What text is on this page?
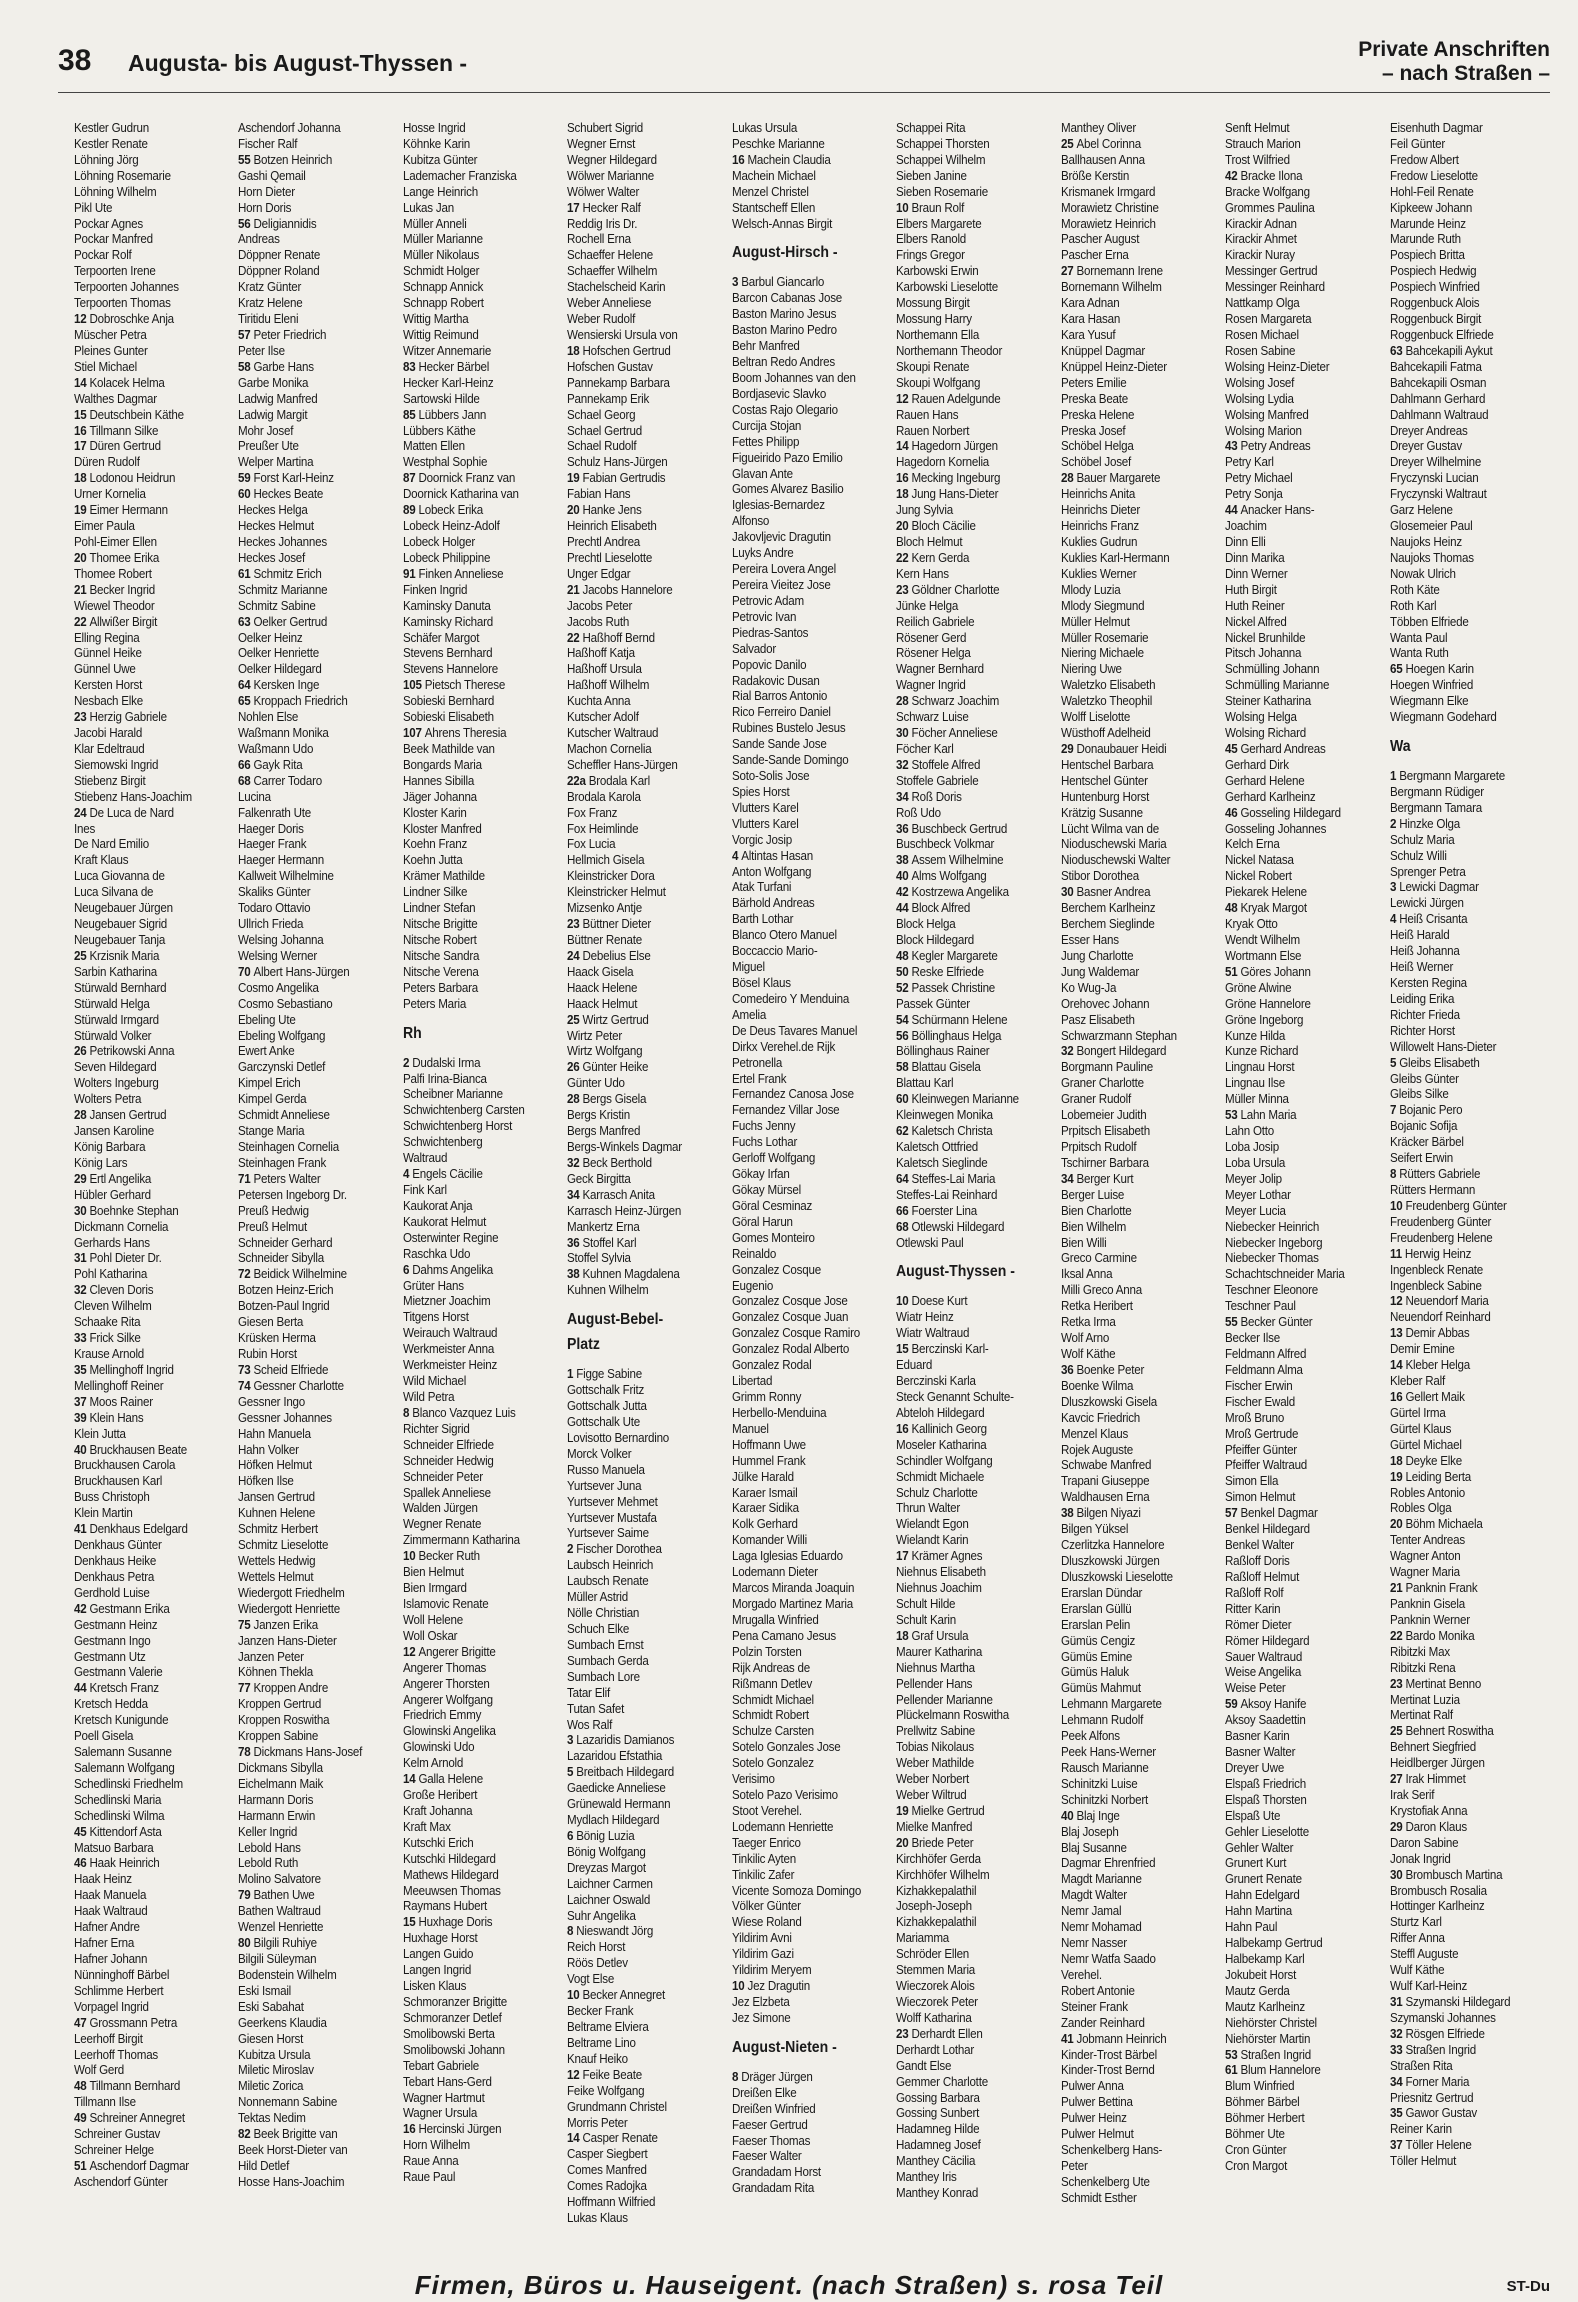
38 Augusta- bis August-Thyssen -
Private Anschriften
– nach Straßen –
Kestler Gudrun
Kestler Renate
Löhning Jörg
Löhning Rosemarie
Löhning Wilhelm
Pikl Ute
Pockar Agnes
Pockar Manfred
Pockar Rolf
Terpoorten Irene
Terpoorten Johannes
Terpoorten Thomas
12 Dobroschke Anja
Müscher Petra
Pleines Gunter
Stiel Michael
14 Kolacek Helma
Walthes Dagmar
15 Deutschbein Käthe
16 Tillmann Silke
17 Düren Gertrud
Düren Rudolf
18 Lodonou Heidrun
Urner Kornelia
19 Eimer Hermann
Eimer Paula
Pohl-Eimer Ellen
20 Thomee Erika
Thomee Robert
21 Becker Ingrid
Wiewel Theodor
22 Allwißer Birgit
Elling Regina
Günnel Heike
Günnel Uwe
Kersten Horst
Nesbach Elke
23 Herzig Gabriele
Jacobi Harald
Klar Edeltraud
Siemowski Ingrid
Stiebenz Birgit
Stiebenz Hans-Joachim
24 De Luca de Nard
Ines
De Nard Emilio
Kraft Klaus
Luca Giovanna de
Luca Silvana de
Neugebauer Jürgen
Neugebauer Sigrid
Neugebauer Tanja
25 Krzisnik Maria
Sarbin Katharina
Stürwald Bernhard
Stürwald Helga
Stürwald Irmgard
Stürwald Volker
26 Petrikowski Anna
Seven Hildegard
Wolters Ingeburg
Wolters Petra
28 Jansen Gertrud
Jansen Karoline
König Barbara
König Lars
29 Ertl Angelika
Hübler Gerhard
30 Boehnke Stephan
Dickmann Cornelia
Gerhards Hans
31 Pohl Dieter Dr.
Pohl Katharina
32 Cleven Doris
Cleven Wilhelm
Schaake Rita
33 Frick Silke
Krause Arnold
35 Mellinghoff Ingrid
Mellinghoff Reiner
37 Moos Rainer
39 Klein Hans
Klein Jutta
40 Bruckhausen Beate
Bruckhausen Carola
Bruckhausen Karl
Buss Christoph
Klein Martin
41 Denkhaus Edelgard
Denkhaus Günter
Denkhaus Heike
Denkhaus Petra
Gerdhold Luise
42 Gestmann Erika
Gestmann Heinz
Gestmann Ingo
Gestmann Utz
Gestmann Valerie
44 Kretsch Franz
Kretsch Hedda
Kretsch Kunigunde
Poell Gisela
Salemann Susanne
Salemann Wolfgang
Schedlinski Friedhelm
Schedlinski Maria
Schedlinski Wilma
45 Kittendorf Asta
Matsuo Barbara
46 Haak Heinrich
Haak Heinz
Haak Manuela
Haak Waltraud
Hafner Andre
Hafner Erna
Hafner Johann
Nünninghoff Bärbel
Schlimme Herbert
Vorpagel Ingrid
47 Grossmann Petra
Leerhoff Birgit
Leerhoff Thomas
Wolf Gerd
48 Tillmann Bernhard
Tillmann Ilse
49 Schreiner Annegret
Schreiner Gustav
Schreiner Helge
51 Aschendorf Dagmar
Aschendorf Günter
Aschendorf Johanna
Fischer Ralf
55 Botzen Heinrich
Gashi Qemail
Horn Dieter
Horn Doris
56 Deligiannidis
Andreas
Döppner Renate
Döppner Roland
Kratz Günter
Kratz Helene
Tiritidu Eleni
57 Peter Friedrich
Peter Ilse
58 Garbe Hans
Garbe Monika
Ladwig Manfred
Ladwig Margit
Mohr Josef
Preußer Ute
Welper Martina
59 Forst Karl-Heinz
60 Heckes Beate
Heckes Helga
Heckes Helmut
Heckes Johannes
Heckes Josef
61 Schmitz Erich
Schmitz Marianne
Schmitz Sabine
63 Oelker Gertrud
Oelker Heinz
Oelker Henriette
Oelker Hildegard
64 Kersken Inge
65 Kroppach Friedrich
Nohlen Else
Waßmann Monika
Waßmann Udo
66 Gayk Rita
68 Carrer Todaro
Lucina
Falkenrath Ute
Haeger Doris
Haeger Frank
Haeger Hermann
Kallweit Wilhelmine
Skaliks Günter
Todaro Ottavio
Ullrich Frieda
Welsing Johanna
Welsing Werner
70 Albert Hans-Jürgen
Cosmo Angelika
Cosmo Sebastiano
Ebeling Ute
Ebeling Wolfgang
Ewert Anke
Garczynski Detlef
Kimpel Erich
Kimpel Gerda
Schmidt Anneliese
Stange Maria
Steinhagen Cornelia
Steinhagen Frank
71 Peters Walter
Petersen Ingeborg Dr.
Preuß Hedwig
Preuß Helmut
Schneider Gerhard
Schneider Sibylla
72 Beidick Wilhelmine
Botzen Heinz-Erich
Botzen-Paul Ingrid
Giesen Berta
Krüsken Herma
Rubin Horst
73 Scheid Elfriede
74 Gessner Charlotte
Gessner Ingo
Gessner Johannes
Hahn Manuela
Hahn Volker
Höfken Helmut
Höfken Ilse
Jansen Gertrud
Kuhnen Helene
Schmitz Herbert
Schmitz Lieselotte
Wettels Hedwig
Wettels Helmut
Wiedergott Friedhelm
Wiedergott Henriette
75 Janzen Erika
Janzen Hans-Dieter
Janzen Peter
Köhnen Thekla
77 Kroppen Andre
Kroppen Gertrud
Kroppen Roswitha
Kroppen Sabine
78 Dickmans Hans-Josef
Dickmans Sibylla
Eichelmann Maik
Harmann Doris
Harmann Erwin
Keller Ingrid
Lebold Hans
Lebold Ruth
Molino Salvatore
79 Bathen Uwe
Bathen Waltraud
Wenzel Henriette
80 Bilgili Ruhiye
Bilgili Süleyman
Bodenstein Wilhelm
Eski Ismail
Eski Sabahat
Geerkens Klaudia
Giesen Horst
Kubitza Ursula
Miletic Miroslav
Miletic Zorica
Nonnemann Sabine
Tektas Nedim
82 Beek Brigitte van
Beek Horst-Dieter van
Hild Detlef
Hosse Hans-Joachim
Hosse Ingrid
Köhnke Karin
Kubitza Günter
Lademacher Franziska
Lange Heinrich
Lukas Jan
Müller Anneli
Müller Marianne
Müller Nikolaus
Schmidt Holger
Schnapp Annick
Schnapp Robert
Wittig Martha
Wittig Reimund
Witzer Annemarie
83 Hecker Bärbel
Hecker Karl-Heinz
Sartowski Hilde
85 Lübbers Jann
Lübbers Käthe
Matten Ellen
Westphal Sophie
87 Doornick Franz van
Doornick Katharina van
89 Lobeck Erika
Lobeck Heinz-Adolf
Lobeck Holger
Lobeck Philippine
91 Finken Anneliese
Finken Ingrid
Kaminsky Danuta
Kaminsky Richard
Schäfer Margot
Stevens Bernhard
Stevens Hannelore
105 Pietsch Therese
Sobieski Bernhard
Sobieski Elisabeth
107 Ahrens Theresia
Beek Mathilde van
Bongards Maria
Hannes Sibilla
Jäger Johanna
Kloster Karin
Kloster Manfred
Koehn Franz
Koehn Jutta
Krämer Mathilde
Lindner Silke
Lindner Stefan
Nitsche Brigitte
Nitsche Robert
Nitsche Sandra
Nitsche Verena
Peters Barbara
Peters Maria

Rh

2 Dudalski Irma
Palfi Irina-Bianca
Scheibner Marianne
Schwichtenberg Carsten
Schwichtenberg Horst
Schwichtenberg
Waltraud
4 Engels Cäcilie
Fink Karl
Kaukorat Anja
Kaukorat Helmut
Osterwinter Regine
Raschka Udo
6 Dahms Angelika
Grüter Hans
Mietzner Joachim
Titgens Horst
Weirauch Waltraud
Werkmeister Anna
Werkmeister Heinz
Wild Michael
Wild Petra
8 Blanco Vazquez Luis
Richter Sigrid
Schneider Elfriede
Schneider Hedwig
Schneider Peter
Spallek Anneliese
Walden Jürgen
Wegner Renate
Zimmermann Katharina
10 Becker Ruth
Bien Helmut
Bien Irmgard
Islamovic Renate
Woll Helene
Woll Oskar
12 Angerer Brigitte
Angerer Thomas
Angerer Thorsten
Angerer Wolfgang
Friedrich Emmy
Glowinski Angelika
Glowinski Udo
Kelm Arnold
14 Galla Helene
Große Heribert
Kraft Johanna
Kraft Max
Kutschki Erich
Kutschki Hildegard
Mathews Hildegard
Meeuwsen Thomas
Raymans Hubert
15 Huxhage Doris
Huxhage Horst
Langen Guido
Langen Ingrid
Lisken Klaus
Schmoranzer Brigitte
Schmoranzer Detlef
Smolibowski Berta
Smolibowski Johann
Tebart Gabriele
Tebart Hans-Gerd
Wagner Hartmut
Wagner Ursula
16 Hercinski Jürgen
Horn Wilhelm
Raue Anna
Raue Paul
Schubert Sigrid
Wegner Ernst
Wegner Hildegard
Wölwer Marianne
Wölwer Walter
17 Hecker Ralf
Reddig Iris Dr.
Rochell Erna
Schaeffer Helene
Schaeffer Wilhelm
Stachelscheid Karin
Weber Anneliese
Weber Rudolf
Wensierski Ursula von
18 Hofschen Gertrud
Hofschen Gustav
Pannekamp Barbara
Pannekamp Erik
Schael Georg
Schael Gertrud
Schael Rudolf
Schulz Hans-Jürgen
19 Fabian Gertrudis
Fabian Hans
20 Hanke Jens
Heinrich Elisabeth
Prechtl Andrea
Prechtl Lieselotte
Unger Edgar
21 Jacobs Hannelore
Jacobs Peter
Jacobs Ruth
22 Haßhoff Bernd
Haßhoff Katja
Haßhoff Ursula
Haßhoff Wilhelm
Kuchta Anna
Kutscher Adolf
Kutscher Waltraud
Machon Cornelia
Scheffler Hans-Jürgen
22a Brodala Karl
Brodala Karola
Fox Franz
Fox Heimlinde
Fox Lucia
Hellmich Gisela
Kleinstricker Dora
Kleinstricker Helmut
Mizsenko Antje
23 Büttner Dieter
Büttner Renate
24 Debelius Else
Haack Gisela
Haack Helene
Haack Helmut
25 Wirtz Gertrud
Wirtz Peter
Wirtz Wolfgang
26 Günter Heike
Günter Udo
28 Bergs Gisela
Bergs Kristin
Bergs Manfred
Bergs-Winkels Dagmar
32 Beck Berthold
Geck Birgitta
34 Karrasch Anita
Karrasch Heinz-Jürgen
Mankertz Erna
36 Stoffel Karl
Stoffel Sylvia
38 Kuhnen Magdalena
Kuhnen Wilhelm

August-Bebel-
Platz

1 Figge Sabine
Gottschalk Fritz
Gottschalk Jutta
Gottschalk Ute
Lovisotto Bernardino
Morck Volker
Russo Manuela
Yurtsever Juna
Yurtsever Mehmet
Yurtsever Mustafa
Yurtsever Saime
2 Fischer Dorothea
Laubsch Heinrich
Laubsch Renate
Müller Astrid
Nölle Christian
Schuch Elke
Sumbach Ernst
Sumbach Gerda
Sumbach Lore
Tatar Elif
Tutan Safet
Wos Ralf
3 Lazaridis Damianos
Lazaridou Efstathia
5 Breitbach Hildegard
Gaedicke Anneliese
Grünewald Hermann
Mydlach Hildegard
6 Bönig Luzia
Bönig Wolfgang
Dreyzas Margot
Laichner Carmen
Laichner Oswald
Suhr Angelika
8 Nieswandt Jörg
Reich Horst
Röös Detlev
Vogt Else
10 Becker Annegret
Becker Frank
Beltrame Elviera
Beltrame Lino
Knauf Heiko
12 Feike Beate
Feike Wolfgang
Grundmann Christel
Morris Peter
14 Casper Renate
Casper Siegbert
Comes Manfred
Comes Radojka
Hoffmann Wilfried
Lukas Klaus
Lukas Ursula
Peschke Marianne
16 Machein Claudia
Machein Michael
Menzel Christel
Stantscheff Ellen
Welsch-Annas Birgit

August-Hirsch -

3 Barbul Giancarlo
Barcon Cabanas Jose
Baston Marino Jesus
Baston Marino Pedro
Behr Manfred
Beltran Redo Andres
Boom Johannes van den
Bordjasevic Slavko
Costas Rajo Olegario
Curcija Stojan
Fettes Philipp
Figueirido Pazo Emilio
Glavan Ante
Gomes Alvarez Basilio
Iglesias-Bernardez
Alfonso
Jakovljevic Dragutin
Luyks Andre
Pereira Lovera Angel
Pereira Vieitez Jose
Petrovic Adam
Petrovic Ivan
Piedras-Santos
Salvador
Popovic Danilo
Radakovic Dusan
Rial Barros Antonio
Rico Ferreiro Daniel
Rubines Bustelo Jesus
Sande Sande Jose
Sande-Sande Domingo
Soto-Solis Jose
Spies Horst
Vlutters Karel
Vlutters Karel
Vorgic Josip
4 Altintas Hasan
Anton Wolfgang
Atak Turfani
Bärhold Andreas
Barth Lothar
Blanco Otero Manuel
Boccaccio Mario-
Miguel
Bösel Klaus
Comedeiro Y Menduina
Amelia
De Deus Tavares Manuel
Dirkx Verehel.de Rijk
Petronella
Ertel Frank
Fernandez Canosa Jose
Fernandez Villar Jose
Fuchs Jenny
Fuchs Lothar
Gerloff Wolfgang
Gökay Irfan
Gökay Mürsel
Göral Cesminaz
Göral Harun
Gomes Monteiro
Reinaldo
Gonzalez Cosque
Eugenio
Gonzalez Cosque Jose
Gonzalez Cosque Juan
Gonzalez Cosque Ramiro
Gonzalez Rodal Alberto
Gonzalez Rodal
Libertad
Grimm Ronny
Herbello-Menduina
Manuel
Hoffmann Uwe
Hummel Frank
Jülke Harald
Karaer Ismail
Karaer Sidika
Kolk Gerhard
Komander Willi
Laga Iglesias Eduardo
Lodemann Dieter
Marcos Miranda Joaquin
Morgado Martinez Maria
Mrugalla Winfried
Pena Camano Jesus
Polzin Torsten
Rijk Andreas de
Rißmann Detlev
Schmidt Michael
Schmidt Robert
Schulze Carsten
Sotelo Gonzales Jose
Sotelo Gonzalez
Verisimo
Sotelo Pazo Verisimo
Stoot Verehel.
Lodemann Henriette
Taeger Enrico
Tinkilic Ayten
Tinkilic Zafer
Vicente Somoza Domingo
Völker Günter
Wiese Roland
Yildirim Avni
Yildirim Gazi
Yildirim Meryem
10 Jez Dragutin
Jez Elzbeta
Jez Simone

August-Nieten -

8 Dräger Jürgen
Dreißen Elke
Dreißen Winfried
Faeser Gertrud
Faeser Thomas
Faeser Walter
Grandadam Horst
Grandadam Rita
Schappei Rita
Schappei Thorsten
Schappei Wilhelm
Sieben Janine
Sieben Rosemarie
10 Braun Rolf
Elbers Margarete
Elbers Ranold
Frings Gregor
Karbowski Erwin
Karbowski Lieselotte
Mossung Birgit
Mossung Harry
Northemann Ella
Northemann Theodor
Skoupi Renate
Skoupi Wolfgang
12 Rauen Adelgunde
Rauen Hans
Rauen Norbert
14 Hagedorn Jürgen
Hagedorn Kornelia
16 Mecking Ingeburg
18 Jung Hans-Dieter
Jung Sylvia
20 Bloch Cäcilie
Bloch Helmut
22 Kern Gerda
Kern Hans
23 Göldner Charlotte
Jünke Helga
Reilich Gabriele
Rösener Gerd
Rösener Helga
Wagner Bernhard
Wagner Ingrid
28 Schwarz Joachim
Schwarz Luise
30 Föcher Anneliese
Föcher Karl
32 Stoffele Alfred
Stoffele Gabriele
34 Roß Doris
Roß Udo
36 Buschbeck Gertrud
Buschbeck Volkmar
38 Assem Wilhelmine
40 Alms Wolfgang
42 Kostrzewa Angelika
44 Block Alfred
Block Helga
Block Hildegard
48 Kegler Margarete
50 Reske Elfriede
52 Passek Christine
Passek Günter
54 Schürmann Helene
56 Böllinghaus Helga
Böllinghaus Rainer
58 Blattau Gisela
Blattau Karl
60 Kleinwegen Marianne
Kleinwegen Monika
62 Kaletsch Christa
Kaletsch Ottfried
Kaletsch Sieglinde
64 Steffes-Lai Maria
Steffes-Lai Reinhard
66 Foerster Lina
68 Otlewski Hildegard
Otlewski Paul

August-Thyssen -

10 Doese Kurt
Wiatr Heinz
Wiatr Waltraud
15 Berczinski Karl-
Eduard
Berczinski Karla
Steck Genannt Schulte-
Abteloh Hildegard
16 Kallinich Georg
Moseler Katharina
Schindler Wolfgang
Schmidt Michaele
Schulz Charlotte
Thrun Walter
Wielandt Egon
Wielandt Karin
17 Krämer Agnes
Niehnus Elisabeth
Niehnus Joachim
Schult Hilde
Schult Karin
18 Graf Ursula
Maurer Katharina
Niehnus Martha
Pellender Hans
Pellender Marianne
Plückelmann Roswitha
Prellwitz Sabine
Tobias Nikolaus
Weber Mathilde
Weber Norbert
Weber Wiltrud
19 Mielke Gertrud
Mielke Manfred
20 Briede Peter
Kirchhöfer Gerda
Kirchhöfer Wilhelm
Kizhakkepalathil
Joseph-Joseph
Kizhakkepalathil
Mariamma
Schröder Ellen
Stemmen Maria
Wieczorek Alois
Wieczorek Peter
Wolff Katharina
23 Derhardt Ellen
Derhardt Lothar
Gandt Else
Gemmer Charlotte
Gossing Barbara
Gossing Sunbert
Hadamneg Hilde
Hadamneg Josef
Manthey Cäcilia
Manthey Iris
Manthey Konrad
Manthey Oliver
25 Abel Corinna
Ballhausen Anna
Bröße Kerstin
Krismanek Irmgard
Morawietz Christine
Morawietz Heinrich
Pascher August
Pascher Erna
27 Bornemann Irene
Bornemann Wilhelm
Kara Adnan
Kara Hasan
Kara Yusuf
Knüppel Dagmar
Knüppel Heinz-Dieter
Peters Emilie
Preska Beate
Preska Helene
Preska Josef
Schöbel Helga
Schöbel Josef
28 Bauer Margarete
Heinrichs Anita
Heinrichs Dieter
Heinrichs Franz
Kuklies Gudrun
Kuklies Karl-Hermann
Kuklies Werner
Mlody Luzia
Mlody Siegmund
Müller Helmut
Müller Rosemarie
Niering Michaele
Niering Uwe
Waletzko Elisabeth
Waletzko Theophil
Wolff Liselotte
Wüsthoff Adelheid
29 Donaubauer Heidi
Hentschel Barbara
Hentschel Günter
Huntenburg Horst
Krätzig Susanne
Lücht Wilma van de
Nioduschewski Maria
Nioduschewski Walter
Stibor Dorothea
30 Basner Andrea
Berchem Karlheinz
Berchem Sieglinde
Esser Hans
Jung Charlotte
Jung Waldemar
Ko Wug-Ja
Orehovec Johann
Pasz Elisabeth
Schwarzmann Stephan
32 Bongert Hildegard
Borgmann Pauline
Graner Charlotte
Graner Rudolf
Lobemeier Judith
Prpitsch Elisabeth
Prpitsch Rudolf
Tschirner Barbara
34 Berger Kurt
Berger Luise
Bien Charlotte
Bien Wilhelm
Bien Willi
Greco Carmine
Iksal Anna
Milli Greco Anna
Retka Heribert
Retka Irma
Wolf Arno
Wolf Käthe
36 Boenke Peter
Boenke Wilma
Dluszkowski Gisela
Kavcic Friedrich
Menzel Klaus
Rojek Auguste
Schwabe Manfred
Trapani Giuseppe
Waldhausen Erna
38 Bilgen Niyazi
Bilgen Yüksel
Czerlitzka Hannelore
Dluszkowski Jürgen
Dluszkowski Lieselotte
Erarslan Dündar
Erarslan Güllü
Erarslan Pelin
Gümüs Cengiz
Gümüs Emine
Gümüs Haluk
Gümüs Mahmut
Lehmann Margarete
Lehmann Rudolf
Peek Alfons
Peek Hans-Werner
Rausch Marianne
Schinitzki Luise
Schinitzki Norbert
40 Blaj Inge
Blaj Joseph
Blaj Susanne
Dagmar Ehrenfried
Magdt Marianne
Magdt Walter
Nemr Jamal
Nemr Mohamad
Nemr Nasser
Nemr Watfa Saado
Verehel.
Robert Antonie
Steiner Frank
Zander Reinhard
41 Jobmann Heinrich
Kinder-Trost Bärbel
Kinder-Trost Bernd
Pulwer Anna
Pulwer Bettina
Pulwer Heinz
Pulwer Helmut
Schenkelberg Hans-
Peter
Schenkelberg Ute
Schmidt Esther
Senft Helmut
Strauch Marion
Trost Wilfried
42 Bracke Ilona
Bracke Wolfgang
Grommes Paulina
Kirackir Adnan
Kirackir Ahmet
Kirackir Nuray
Messinger Gertrud
Messinger Reinhard
Nattkamp Olga
Rosen Margareta
Rosen Michael
Rosen Sabine
Wolsing Heinz-Dieter
Wolsing Josef
Wolsing Lydia
Wolsing Manfred
Wolsing Marion
43 Petry Andreas
Petry Karl
Petry Michael
Petry Sonja
44 Anacker Hans-
Joachim
Dinn Elli
Dinn Marika
Dinn Werner
Huth Birgit
Huth Reiner
Nickel Alfred
Nickel Brunhilde
Pitsch Johanna
Schmülling Johann
Schmülling Marianne
Steiner Katharina
Wolsing Helga
Wolsing Richard
45 Gerhard Andreas
Gerhard Dirk
Gerhard Helene
Gerhard Karlheinz
46 Gosseling Hildegard
Gosseling Johannes
Kelch Erna
Nickel Natasa
Nickel Robert
Piekarek Helene
48 Kryak Margot
Kryak Otto
Wendt Wilhelm
Wortmann Else
51 Göres Johann
Gröne Alwine
Gröne Hannelore
Gröne Ingeborg
Kunze Hilda
Kunze Richard
Lingnau Horst
Lingnau Ilse
Müller Minna
53 Lahn Maria
Lahn Otto
Loba Josip
Loba Ursula
Meyer Jolip
Meyer Lothar
Meyer Lucia
Niebecker Heinrich
Niebecker Ingeborg
Niebecker Thomas
Schachtschneider Maria
Teschner Eleonore
Teschner Paul
55 Becker Günter
Becker Ilse
Feldmann Alfred
Feldmann Alma
Fischer Erwin
Fischer Ewald
Mroß Bruno
Mroß Gertrude
Pfeiffer Günter
Pfeiffer Waltraud
Simon Ella
Simon Helmut
57 Benkel Dagmar
Benkel Hildegard
Benkel Walter
Raßloff Doris
Raßloff Helmut
Raßloff Rolf
Ritter Karin
Römer Dieter
Römer Hildegard
Sauer Waltraud
Weise Angelika
Weise Peter
59 Aksoy Hanife
Aksoy Saadettin
Basner Karin
Basner Walter
Dreyer Uwe
Elspaß Friedrich
Elspaß Thorsten
Elspaß Ute
Gehler Lieselotte
Gehler Walter
Grunert Kurt
Grunert Renate
Hahn Edelgard
Hahn Martina
Hahn Paul
Halbekamp Gertrud
Halbekamp Karl
Jokubeit Horst
Mautz Gerda
Mautz Karlheinz
Niehörster Christel
Niehörster Martin
53 Straßen Ingrid
61 Blum Hannelore
Blum Winfried
Böhmer Bärbel
Böhmer Herbert
Böhmer Ute
Cron Günter
Cron Margot
Eisenhuth Dagmar
Feil Günter
Fredow Albert
Fredow Lieselotte
Hohl-Feil Renate
Kipkeew Johann
Marunde Heinz
Marunde Ruth
Pospiech Britta
Pospiech Hedwig
Pospiech Winfried
Roggenbuck Alois
Roggenbuck Birgit
Roggenbuck Elfriede
63 Bahcekapili Aykut
Bahcekapili Fatma
Bahcekapili Osman
Dahlmann Gerhard
Dahlmann Waltraud
Dreyer Andreas
Dreyer Gustav
Dreyer Wilhelmine
Fryczynski Lucian
Fryczynski Waltraut
Garz Helene
Glosemeier Paul
Naujoks Heinz
Naujoks Thomas
Nowak Ulrich
Roth Käte
Roth Karl
Többen Elfriede
Wanta Paul
Wanta Ruth
65 Hoegen Karin
Hoegen Winfried
Wiegmann Elke
Wiegmann Godehard

Wa

1 Bergmann Margarete
Bergmann Rüdiger
Bergmann Tamara
2 Hinzke Olga
Schulz Maria
Schulz Willi
Sprenger Petra
3 Lewicki Dagmar
Lewicki Jürgen
4 Heiß Crisanta
Heiß Harald
Heiß Johanna
Heiß Werner
Kersten Regina
Leiding Erika
Richter Frieda
Richter Horst
Willowelt Hans-Dieter
5 Gleibs Elisabeth
Gleibs Günter
Gleibs Silke
7 Bojanic Pero
Bojanic Sofija
Kräcker Bärbel
Seifert Erwin
8 Rütters Gabriele
Rütters Hermann
10 Freudenberg Günter
Freudenberg Günter
Freudenberg Helene
11 Herwig Heinz
Ingenbleck Renate
Ingenbleck Sabine
12 Neuendorf Maria
Neuendorf Reinhard
13 Demir Abbas
Demir Emine
14 Kleber Helga
Kleber Ralf
16 Gellert Maik
Gürtel Irma
Gürtel Klaus
Gürtel Michael
18 Deyke Elke
19 Leiding Berta
Robles Antonio
Robles Olga
20 Böhm Michaela
Tenter Andreas
Wagner Anton
Wagner Maria
21 Panknin Frank
Panknin Gisela
Panknin Werner
22 Bardo Monika
Ribitzki Max
Ribitzki Rena
23 Mertinat Benno
Mertinat Luzia
Mertinat Ralf
25 Behnert Roswitha
Behnert Siegfried
Heidlberger Jürgen
27 Irak Himmet
Irak Serif
Krystofiak Anna
29 Daron Klaus
Daron Sabine
Jonak Ingrid
30 Brombusch Martina
Brombusch Rosalia
Hottinger Karlheinz
Sturtz Karl
Riffer Anna
Steffl Auguste
Wulf Käthe
Wulf Karl-Heinz
31 Szymanski Hildegard
Szymanski Johannes
32 Rösgen Elfriede
33 Straßen Ingrid
Straßen Rita
34 Forner Maria
Priesnitz Gertrud
35 Gawor Gustav
Reiner Karin
37 Töller Helene
Töller Helmut
Firmen, Büros u. Hauseigent. (nach Straßen) s. rosa Teil	ST-Du
